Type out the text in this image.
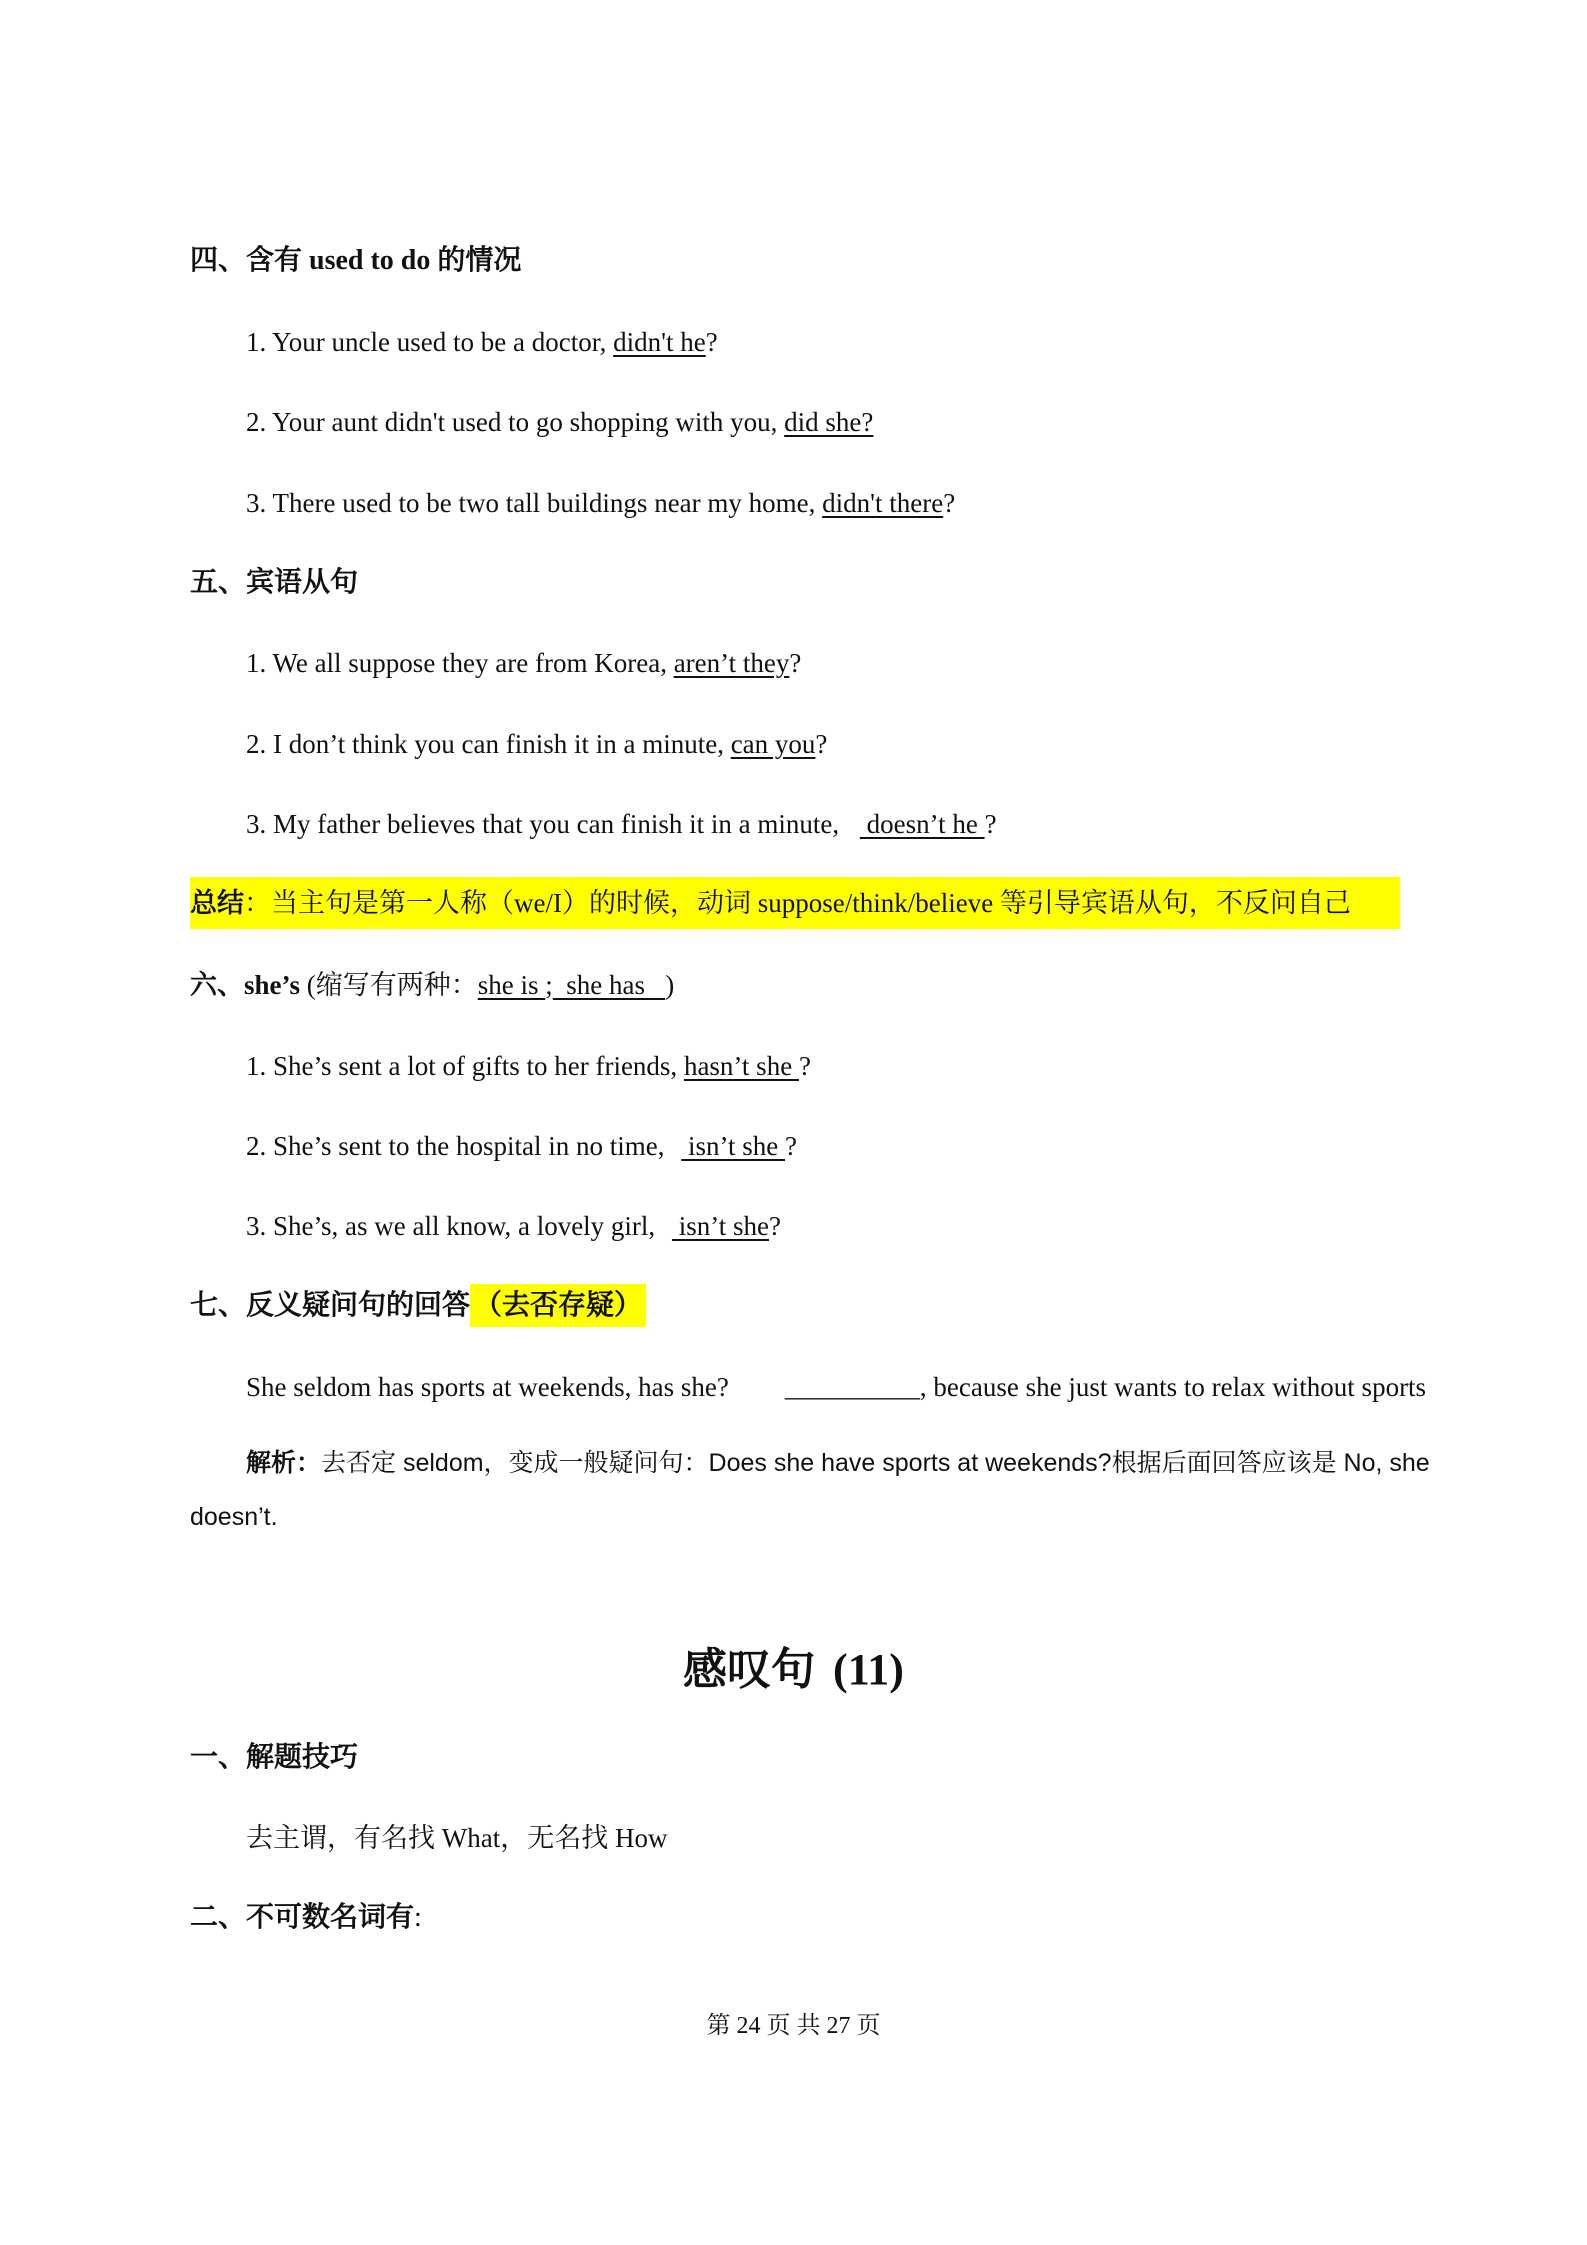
四、含有 used to do 的情况
1. Your uncle used to be a doctor, didn't he?
2. Your aunt didn't used to go shopping with you, did she?
3. There used to be two tall buildings near my home, didn't there?
五、宾语从句
1. We all suppose they are from Korea, aren’t they?
2. I don’t think you can finish it in a minute, can you?
3. My father believes that you can finish it in a minute,  doesn’t he ?
总结：当主句是第一人称（we/I）的时候，动词 suppose/think/believe 等引导宾语从句，不反问自己
六、she’s (缩写有两种：she is ;  she has   )
1. She’s sent a lot of gifts to her friends, hasn’t she ?
2. She’s sent to the hospital in no time,  isn’t she ?
3. She’s, as we all know, a lovely girl,  isn’t she?
七、反义疑问句的回答 （去否存疑）
She seldom has sports at weekends, has she? __________, because she just wants to relax without sports
解析：去否定 seldom，变成一般疑问句：Does she have sports at weekends?根据后面回答应该是 No, she
doesn’t.
感叹句 (11)
一、解题技巧
去主谓，有名找 What，无名找 How
二、不可数名词有:
第 24 页 共 27 页
